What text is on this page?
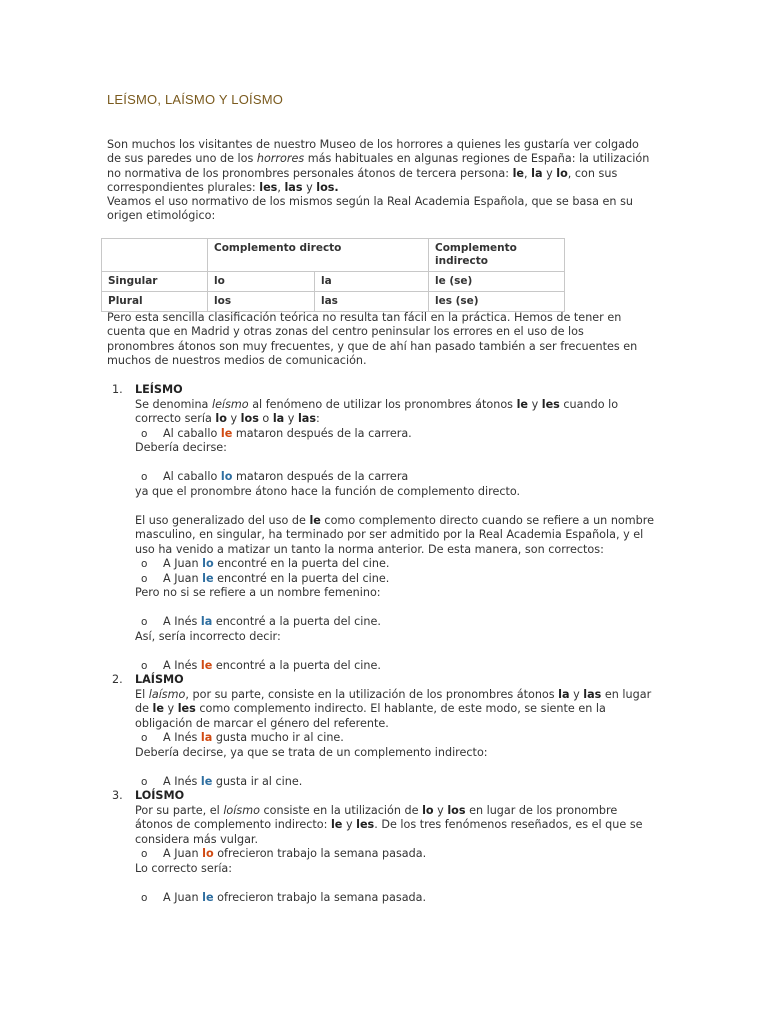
LEÍSMO, LAÍSMO Y LOÍSMO

Son muchos los visitantes de nuestro Museo de los horrores a quienes les gustaría ver colgado
de sus paredes uno de los horrores más habituales en algunas regiones de España: la utilización
no normativa de los pronombres personales átonos de tercera persona: le, la y lo, con sus
correspondientes plurales: les, las y los.

Veamos el uso normativo de los mismos según la Real Academia Española, que se basa en su
origen etimológico:

	Complemento directo		Complemento indirecto
Singular	lo	la	le (se)
Plural	los	las	les (se)

Pero esta sencilla clasificación teórica no resulta tan fácil en la práctica. Hemos de tener en
cuenta que en Madrid y otras zonas del centro peninsular los errores en el uso de los
pronombres átonos son muy frecuentes, y que de ahí han pasado también a ser frecuentes en
muchos de nuestros medios de comunicación.

1. LEÍSMO
Se denomina leísmo al fenómeno de utilizar los pronombres átonos le y les cuando lo
correcto sería lo y los o la y las:
o Al caballo le mataron después de la carrera.
Debería decirse:
o Al caballo lo mataron después de la carrera
ya que el pronombre átono hace la función de complemento directo.
El uso generalizado del uso de le como complemento directo cuando se refiere a un nombre
masculino, en singular, ha terminado por ser admitido por la Real Academia Española, y el
uso ha venido a matizar un tanto la norma anterior. De esta manera, son correctos:
o A Juan lo encontré en la puerta del cine.
o A Juan le encontré en la puerta del cine.
Pero no si se refiere a un nombre femenino:
o A Inés la encontré a la puerta del cine.
Así, sería incorrecto decir:
o A Inés le encontré a la puerta del cine.
2. LAÍSMO
El laísmo, por su parte, consiste en la utilización de los pronombres átonos la y las en lugar
de le y les como complemento indirecto. El hablante, de este modo, se siente en la
obligación de marcar el género del referente.
o A Inés la gusta mucho ir al cine.
Debería decirse, ya que se trata de un complemento indirecto:
o A Inés le gusta ir al cine.
3. LOÍSMO
Por su parte, el loísmo consiste en la utilización de lo y los en lugar de los pronombre
átonos de complemento indirecto: le y les. De los tres fenómenos reseñados, es el que se
considera más vulgar.
o A Juan lo ofrecieron trabajo la semana pasada.
Lo correcto sería:
o A Juan le ofrecieron trabajo la semana pasada.
